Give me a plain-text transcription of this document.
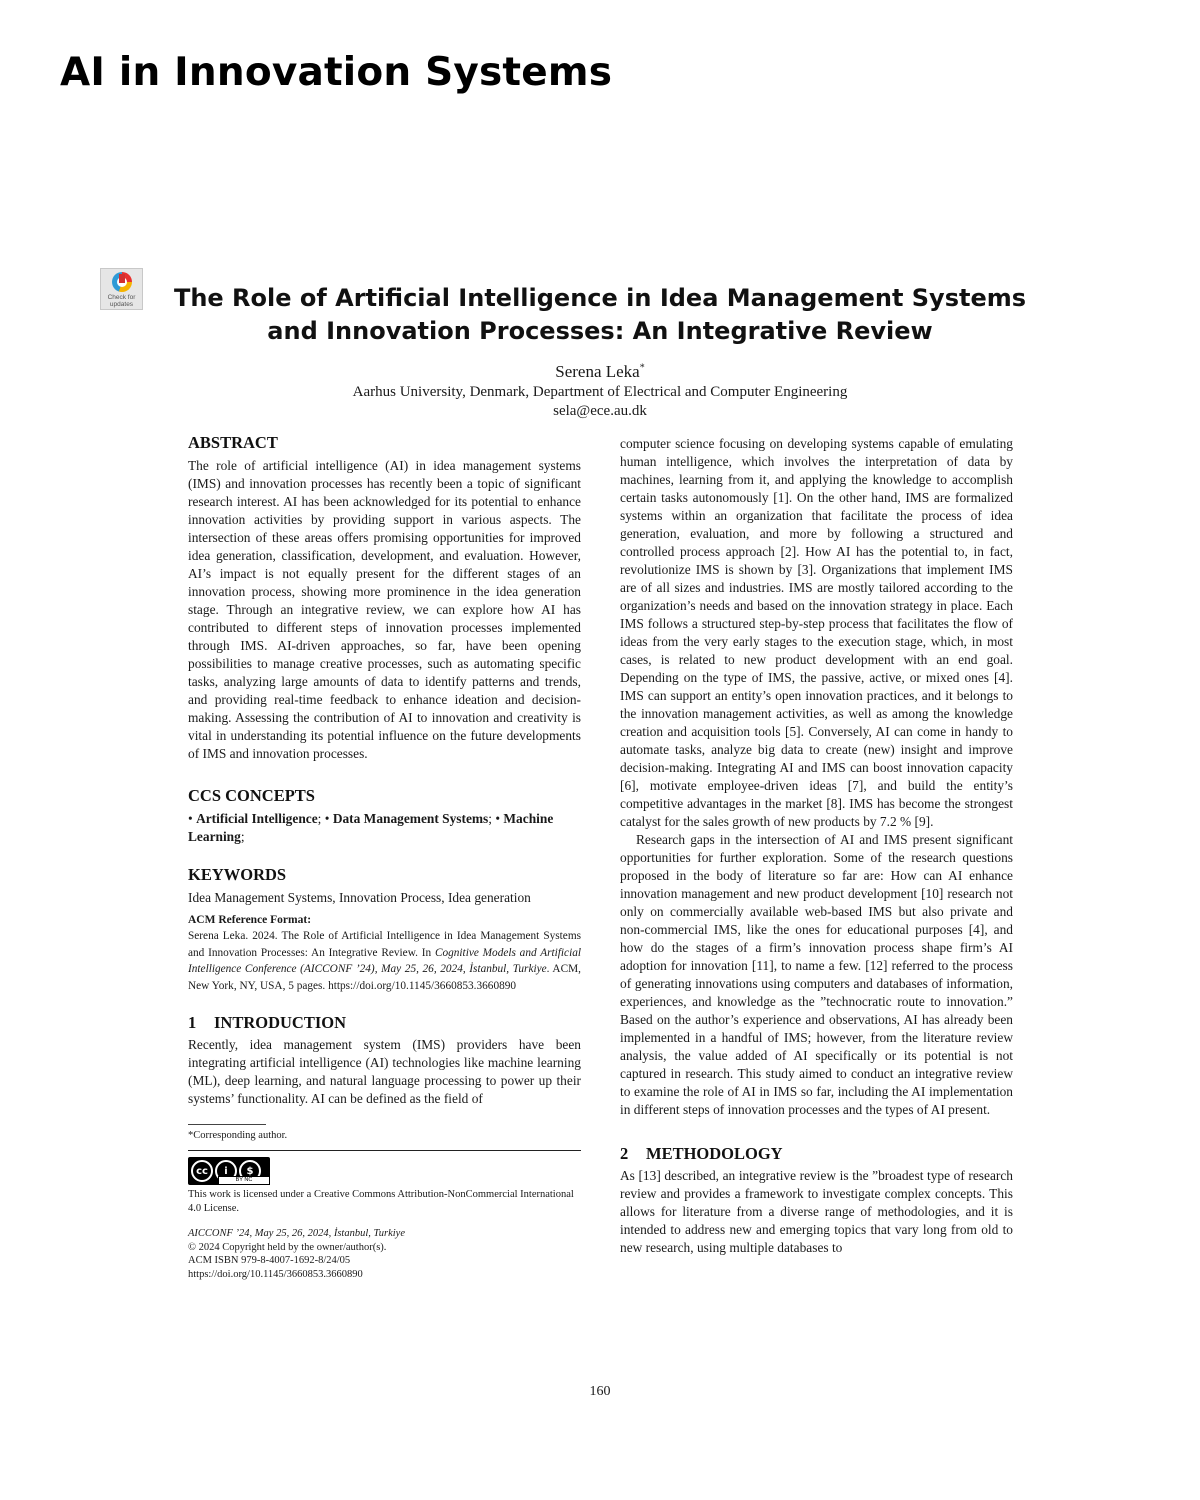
AI in Innovation Systems
Check for updates	The Role of Artificial Intelligence in Idea Management Systems
and Innovation Processes: An Integrative Review
Serena Leka*
Aarhus University, Denmark, Department of Electrical and Computer Engineering
sela@ece.au.dk
ABSTRACT

The role of artificial intelligence (AI) in idea management systems (IMS) and innovation processes has recently been a topic of significant research interest. AI has been acknowledged for its potential to enhance innovation activities by providing support in various aspects. The intersection of these areas offers promising opportunities for improved idea generation, classification, development, and evaluation. However, AI’s impact is not equally present for the different stages of an innovation process, showing more prominence in the idea generation stage. Through an integrative review, we can explore how AI has contributed to different steps of innovation processes implemented through IMS. AI-driven approaches, so far, have been opening possibilities to manage creative processes, such as automating specific tasks, analyzing large amounts of data to identify patterns and trends, and providing real-time feedback to enhance ideation and decision-making. Assessing the contribution of AI to innovation and creativity is vital in understanding its potential influence on the future developments of IMS and innovation processes.

CCS CONCEPTS

• Artificial Intelligence; • Data Management Systems; • Machine Learning;

KEYWORDS

Idea Management Systems, Innovation Process, Idea generation

ACM Reference Format:

Serena Leka. 2024. The Role of Artificial Intelligence in Idea Management Systems and Innovation Processes: An Integrative Review. In Cognitive Models and Artificial Intelligence Conference (AICCONF ’24), May 25, 26, 2024, İstanbul, Turkiye. ACM, New York, NY, USA, 5 pages. https://doi.org/10.1145/3660853.3660890

1 INTRODUCTION

Recently, idea management system (IMS) providers have been integrating artificial intelligence (AI) technologies like machine learning (ML), deep learning, and natural language processing to power up their systems’ functionality. AI can be defined as the field of

*Corresponding author.

cc	i	$
BY NC

This work is licensed under a Creative Commons Attribution-NonCommercial International 4.0 License.

AICCONF ’24, May 25, 26, 2024, İstanbul, Turkiye

© 2024 Copyright held by the owner/author(s).

ACM ISBN 979-8-4007-1692-8/24/05

https://doi.org/10.1145/3660853.3660890

computer science focusing on developing systems capable of emulating human intelligence, which involves the interpretation of data by machines, learning from it, and applying the knowledge to accomplish certain tasks autonomously [1]. On the other hand, IMS are formalized systems within an organization that facilitate the process of idea generation, evaluation, and more by following a structured and controlled process approach [2]. How AI has the potential to, in fact, revolutionize IMS is shown by [3]. Organizations that implement IMS are of all sizes and industries. IMS are mostly tailored according to the organization’s needs and based on the innovation strategy in place. Each IMS follows a structured step-by-step process that facilitates the flow of ideas from the very early stages to the execution stage, which, in most cases, is related to new product development with an end goal. Depending on the type of IMS, the passive, active, or mixed ones [4]. IMS can support an entity’s open innovation practices, and it belongs to the innovation management activities, as well as among the knowledge creation and acquisition tools [5]. Conversely, AI can come in handy to automate tasks, analyze big data to create (new) insight and improve decision-making. Integrating AI and IMS can boost innovation capacity [6], motivate employee-driven ideas [7], and build the entity’s competitive advantages in the market [8]. IMS has become the strongest catalyst for the sales growth of new products by 7.2 % [9].

Research gaps in the intersection of AI and IMS present significant opportunities for further exploration. Some of the research questions proposed in the body of literature so far are: How can AI enhance innovation management and new product development [10] research not only on commercially available web-based IMS but also private and non-commercial IMS, like the ones for educational purposes [4], and how do the stages of a firm’s innovation process shape firm’s AI adoption for innovation [11], to name a few. [12] referred to the process of generating innovations using computers and databases of information, experiences, and knowledge as the ”technocratic route to innovation.” Based on the author’s experience and observations, AI has already been implemented in a handful of IMS; however, from the literature review analysis, the value added of AI specifically or its potential is not captured in research. This study aimed to conduct an integrative review to examine the role of AI in IMS so far, including the AI implementation in different steps of innovation processes and the types of AI present.

2 METHODOLOGY

As [13] described, an integrative review is the ”broadest type of research review and provides a framework to investigate complex concepts. This allows for literature from a diverse range of methodologies, and it is intended to address new and emerging topics that vary long from old to new research, using multiple databases to

160
